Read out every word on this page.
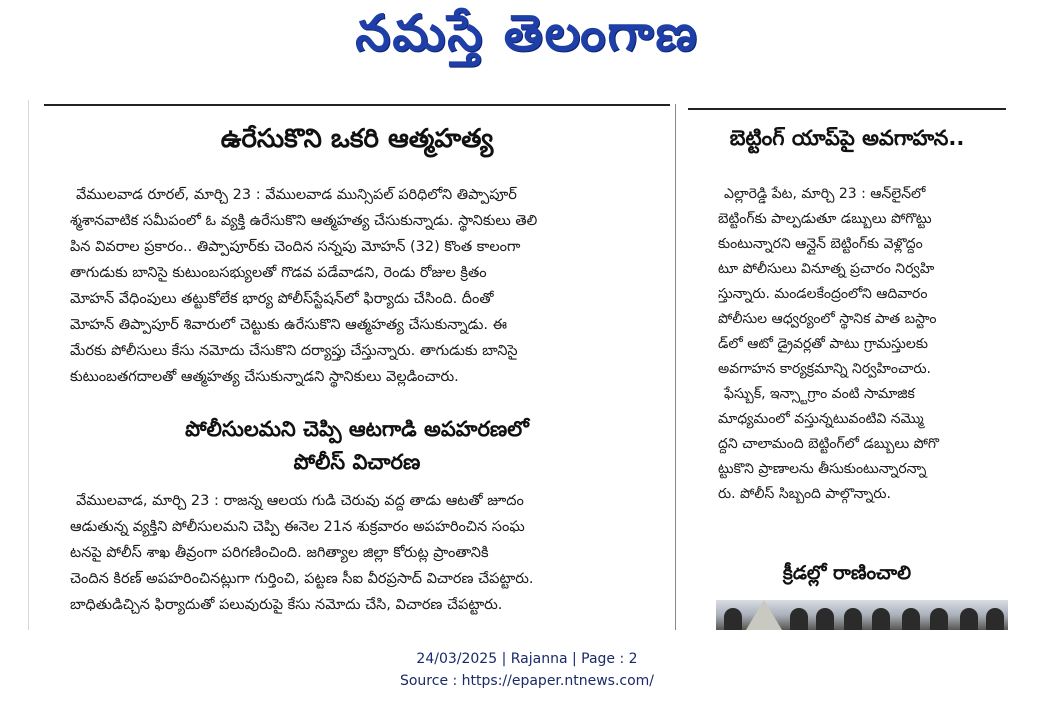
నమస్తే తెలంగాణ
ఉరేసుకొని ఒకరి ఆత్మహత్య

వేములవాడ రూరల్, మార్చి 23 : వేములవాడ మున్సిపల్ పరిధిలోని తిప్పాపూర్

శ్మశానవాటిక సమీపంలో ఓ వ్యక్తి ఉరేసుకొని ఆత్మహత్య చేసుకున్నాడు. స్థానికులు తెలి

పిన వివరాల ప్రకారం.. తిప్పాపూర్‌కు చెందిన సన్నపు మోహన్ (32) కొంత కాలంగా

తాగుడుకు బానిసై కుటుంబసభ్యులతో గొడవ పడేవాడని, రెండు రోజుల క్రితం

మోహన్ వేధింపులు తట్టుకోలేక భార్య పోలీస్‌స్టేషన్‌లో ఫిర్యాదు చేసింది. దీంతో

మోహన్ తిప్పాపూర్ శివారులో చెట్టుకు ఉరేసుకొని ఆత్మహత్య చేసుకున్నాడు. ఈ

మేరకు పోలీసులు కేసు నమోదు చేసుకొని దర్యాప్తు చేస్తున్నారు. తాగుడుకు బానిసై

కుటుంబతగదాలతో ఆత్మహత్య చేసుకున్నాడని స్థానికులు వెల్లడించారు.

పోలీసులమని చెప్పి ఆటగాడి అపహరణలో
పోలీస్ విచారణ

వేములవాడ, మార్చి 23 : రాజన్న ఆలయ గుడి చెరువు వద్ద తాడు ఆటతో జూదం

ఆడుతున్న వ్యక్తిని పోలీసులమని చెప్పి ఈనెల 21న శుక్రవారం అపహరించిన సంఘ

టనపై పోలీస్ శాఖ తీవ్రంగా పరిగణించింది. జగిత్యాల జిల్లా కోరుట్ల ప్రాంతానికి

చెందిన కిరణ్ అపహరించినట్లుగా గుర్తించి, పట్టణ సీఐ వీరప్రసాద్ విచారణ చేపట్టారు.

బాధితుడిచ్చిన ఫిర్యాదుతో పలువురుపై కేసు నమోదు చేసి, విచారణ చేపట్టారు.

బెట్టింగ్ యాప్‌పై అవగాహన..

ఎల్లారెడ్డి పేట, మార్చి 23 : ఆన్‌లైన్‌లో

బెట్టింగ్‌కు పాల్పడుతూ డబ్బులు పోగొట్టు

కుంటున్నారని ఆన్లైన్ బెట్టింగ్‌కు వెళ్లొద్దం

టూ పోలీసులు వినూత్న ప్రచారం నిర్వహి

స్తున్నారు. మండలకేంద్రంలోని ఆదివారం

పోలీసుల ఆధ్వర్యంలో స్థానిక పాత బస్టాం

డ్‌లో ఆటో డ్రైవర్లతో పాటు గ్రామస్తులకు

అవగాహన కార్యక్రమాన్ని నిర్వహించారు.

ఫేస్బుక్, ఇన్స్టాగ్రాం వంటి సామాజిక

మాధ్యమంలో వస్తున్నటువంటివి నమ్మొ

ద్దని చాలామంది బెట్టింగ్‌లో డబ్బులు పోగొ

ట్టుకొని ప్రాణాలను తీసుకుంటున్నారన్నా

రు. పోలీస్ సిబ్బంది పాల్గొన్నారు.

క్రీడల్లో రాణించాలి
24/03/2025 | Rajanna | Page : 2
Source : https://epaper.ntnews.com/
